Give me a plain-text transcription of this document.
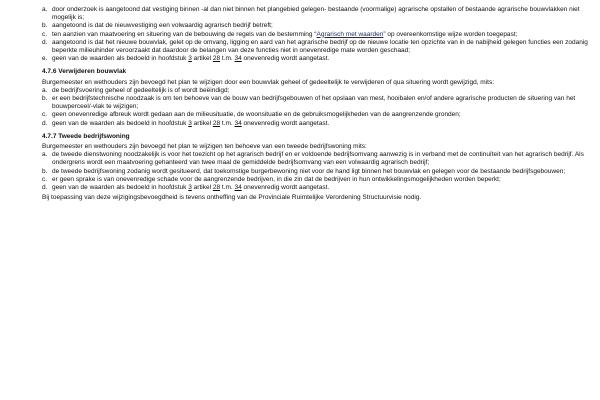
a. door onderzoek is aangetoond dat vestiging binnen -al dan niet binnen het plangebied gelegen- bestaande (voormalige) agrarische opstallen of bestaande agrarische bouwvlakken niet mogelijk is;
b. aangetoond is dat de nieuwvestiging een volwaardig agrarisch bedrijf betreft;
c. ten aanzien van maatvoering en situering van de bebouwing de regels van de bestemming “Agrarisch met waarden” op overeenkomstige wijze worden toegepast;
d. aangetoond is dat het nieuwe bouwvlak, gelet op de omvang, ligging en aard van het agrarische bedrijf op de nieuwe locatie ten opzichte van in de nabijheid gelegen functies een zodanig beperkte milieuhinder veroorzaakt dat daardoor de belangen van deze functies niet in onevenredige mate worden geschaad;
e. geen van de waarden als bedoeld in hoofdstuk 3 artikel 28 t.m. 34 onevenredig wordt aangetast.
4.7.6 Verwijderen bouwvlak
Burgemeester en wethouders zijn bevoegd het plan te wijzigen door een bouwvlak geheel of gedeeltelijk te verwijderen of qua situering wordt gewijzigd, mits:
a. de bedrijfsvoering geheel of gedeeltelijk is of wordt beëindigd;
b. er een bedrijfstechnische noodzaak is om ten behoeve van de bouw van bedrijfsgebouwen of het opslaan van mest, hooibalen en/of andere agrarische producten de situering van het bouwperceel/-vlak te wijzigen;
c. geen onevenredige afbreuk wordt gedaan aan de milieusituatie, de woonsituatie en de gebruiksmogelijkheden van de aangrenzende gronden;
d. geen van de waarden als bedoeld in hoofdstuk 3 artikel 28 t.m. 34 onevenredig wordt aangetast.
4.7.7 Tweede bedrijfswoning
Burgemeester en wethouders zijn bevoegd het plan te wijzigen ten behoeve van een tweede bedrijfswoning mits:
a. de tweede dienstwoning noodzakelijk is voor het toezicht op het agrarisch bedrijf en er voldoende bedrijfsomvang aanwezig is in verband met de continuïteit van het agrarisch bedrijf. Als ondergrens wordt een maatvoering gehanteerd van twee maal de gemiddelde bedrijfsomvang van een volwaardig agrarisch bedrijf;
b. de tweede bedrijfswoning zodanig wordt gesitueerd, dat toekomstige burgerbewoning niet voor de hand ligt binnen het bouwvlak en gelegen voor de bestaande bedrijfsgebouwen;
c. er geen sprake is van onevenredige schade voor de aangrenzende bedrijven, in die zin dat de bedrijven in hun ontwikkelingsmogelijkheden worden beperkt;
d. geen van de waarden als bedoeld in hoofdstuk 3 artikel 28 t.m. 34 onevenredig wordt aangetast.
Bij toepassing van deze wijzigingsbevoegdheid is tevens ontheffing van de Provinciale Ruimtelijke Verordening Structuurvisie nodig.
